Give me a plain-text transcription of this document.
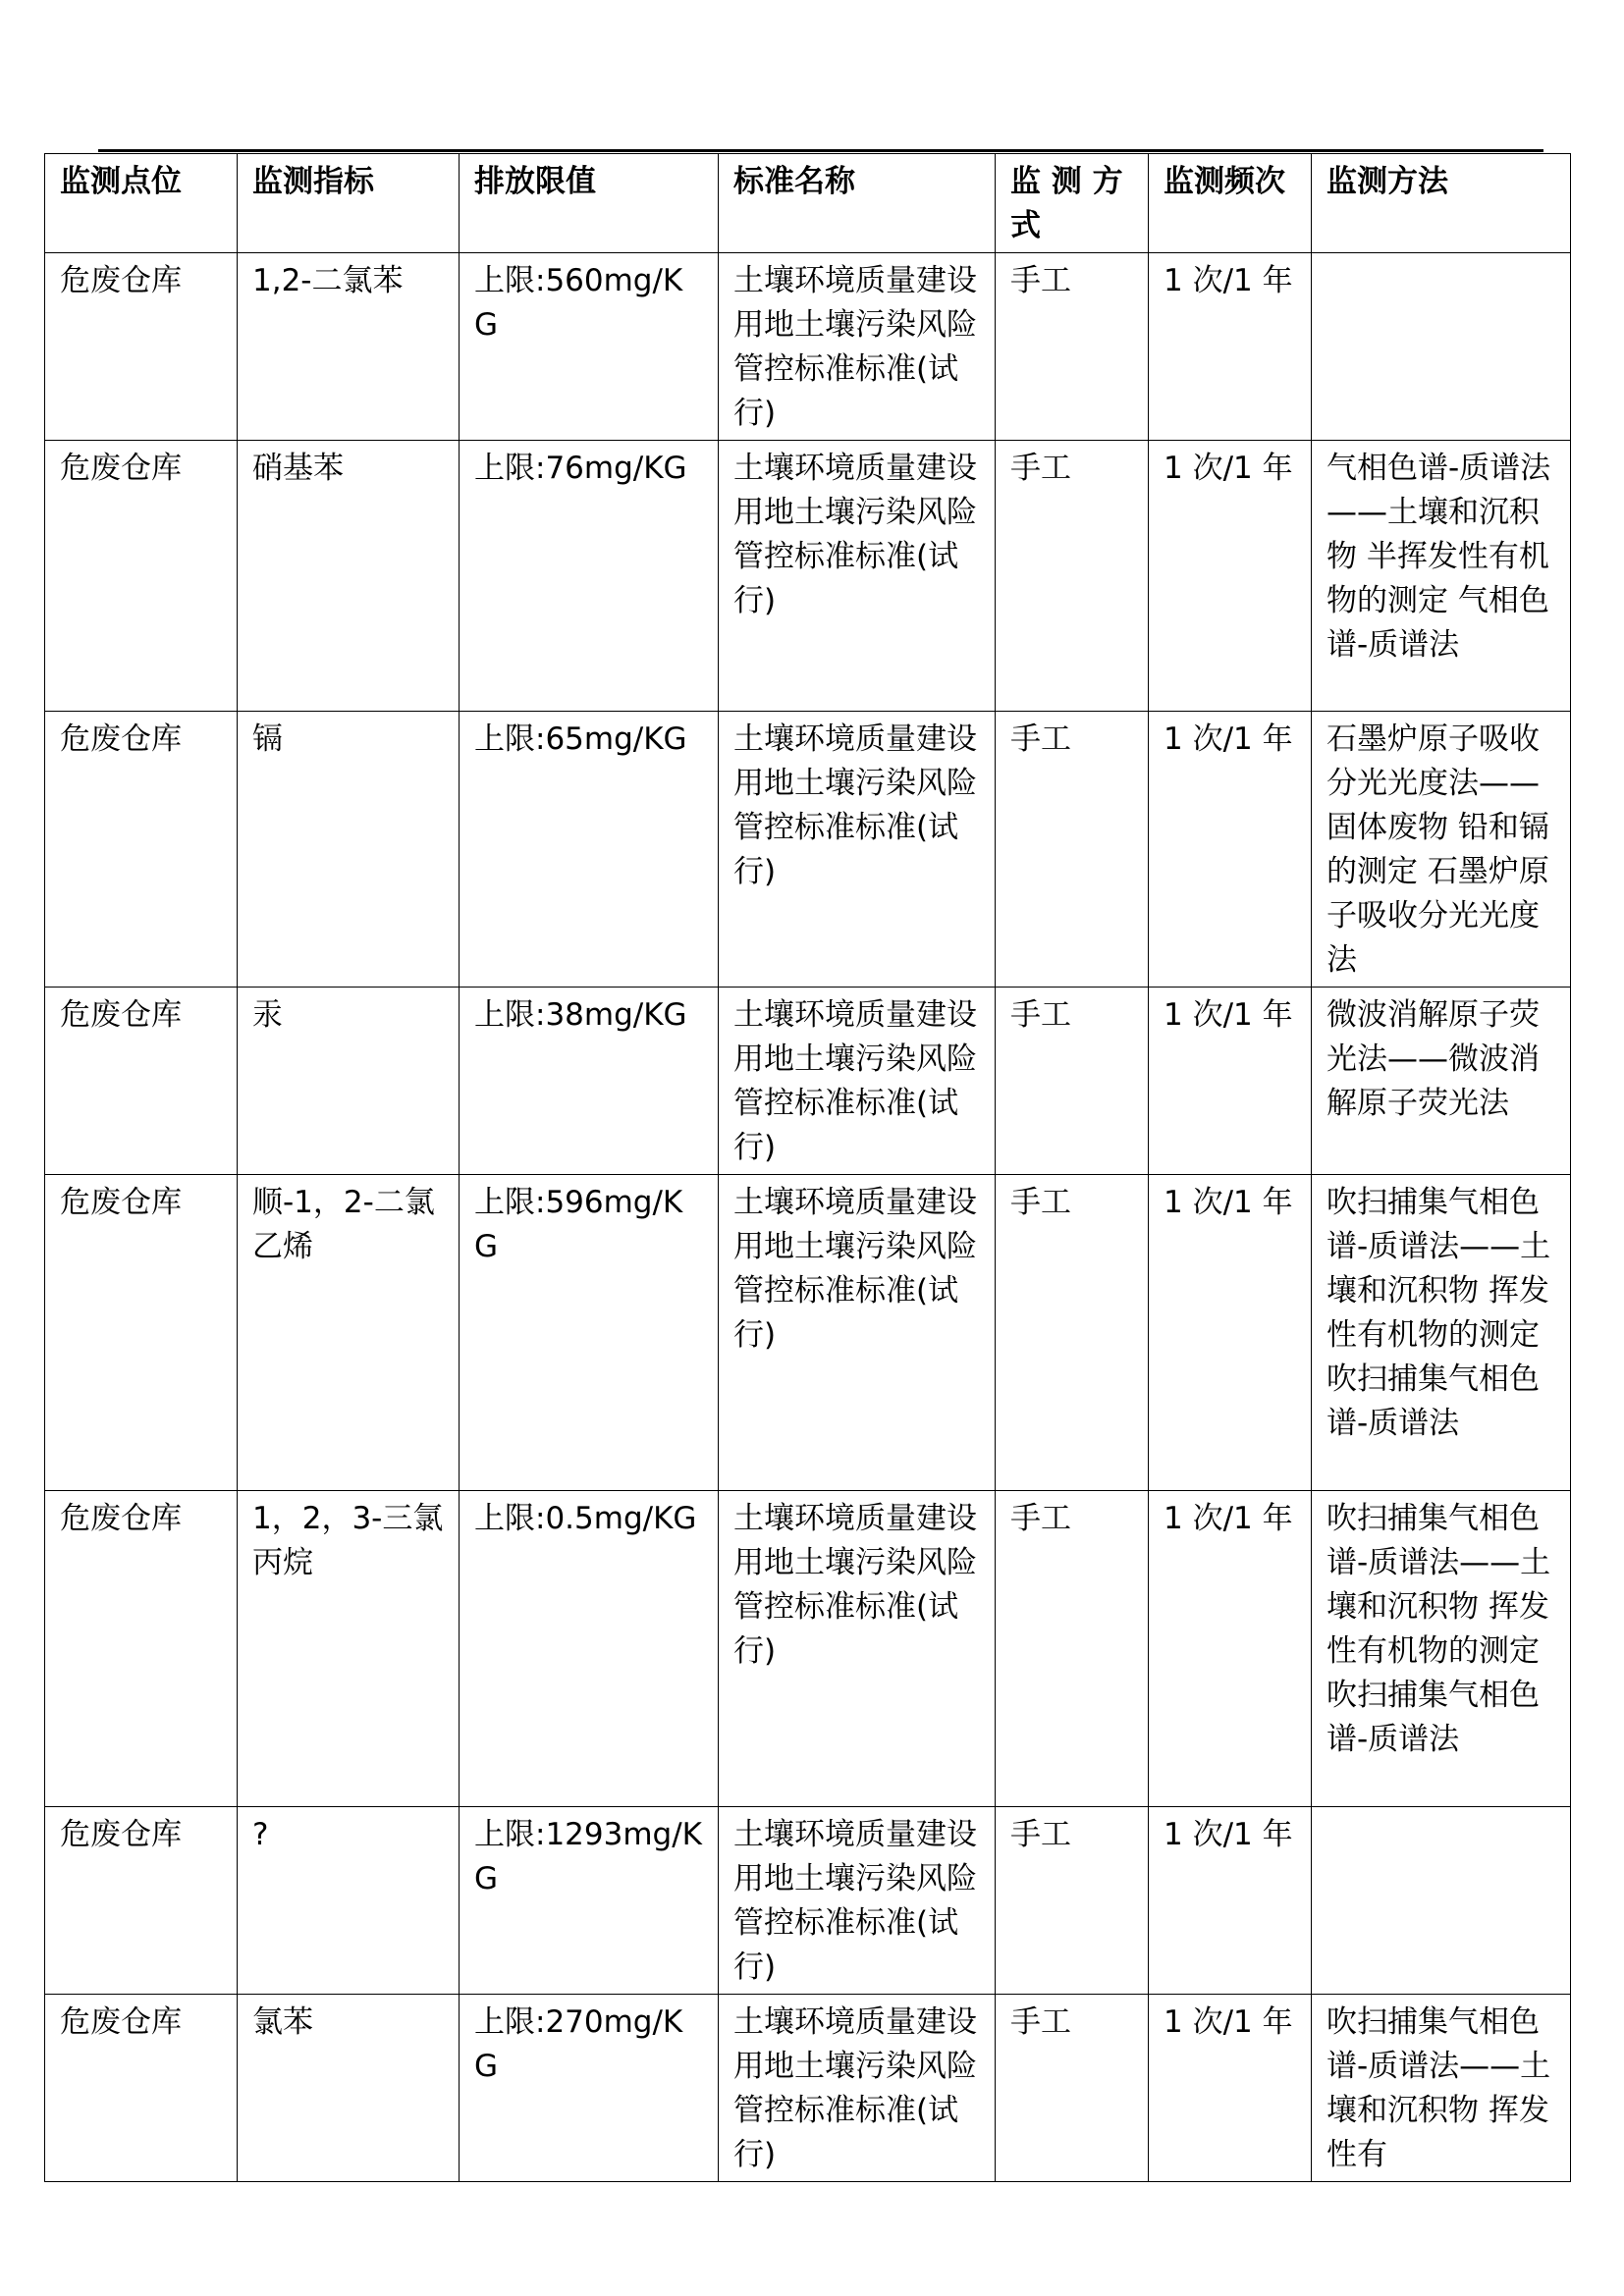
监测点位	监测指标	排放限值	标准名称	监 测 方 式	监测频次	监测方法
危废仓库	1,2-二氯苯	上限:560mg/KG	土壤环境质量建设用地土壤污染风险管控标准标准(试行)	手工	1 次/1 年	
危废仓库	硝基苯	上限:76mg/KG	土壤环境质量建设用地土壤污染风险管控标准标准(试行)	手工	1 次/1 年	气相色谱-质谱法——土壤和沉积物 半挥发性有机物的测定 气相色谱-质谱法
危废仓库	镉	上限:65mg/KG	土壤环境质量建设用地土壤污染风险管控标准标准(试行)	手工	1 次/1 年	石墨炉原子吸收分光光度法——固体废物 铅和镉的测定 石墨炉原子吸收分光光度法
危废仓库	汞	上限:38mg/KG	土壤环境质量建设用地土壤污染风险管控标准标准(试行)	手工	1 次/1 年	微波消解原子荧光法——微波消解原子荧光法
危废仓库	顺-1，2-二氯乙烯	上限:596mg/KG	土壤环境质量建设用地土壤污染风险管控标准标准(试行)	手工	1 次/1 年	吹扫捕集气相色谱-质谱法——土壤和沉积物 挥发性有机物的测定 吹扫捕集气相色谱-质谱法
危废仓库	1，2，3-三氯丙烷	上限:0.5mg/KG	土壤环境质量建设用地土壤污染风险管控标准标准(试行)	手工	1 次/1 年	吹扫捕集气相色谱-质谱法——土壤和沉积物 挥发性有机物的测定 吹扫捕集气相色谱-质谱法
危废仓库	?	上限:1293mg/KG	土壤环境质量建设用地土壤污染风险管控标准标准(试行)	手工	1 次/1 年	
危废仓库	氯苯	上限:270mg/KG	土壤环境质量建设用地土壤污染风险管控标准标准(试行)	手工	1 次/1 年	吹扫捕集气相色谱-质谱法——土壤和沉积物 挥发性有
